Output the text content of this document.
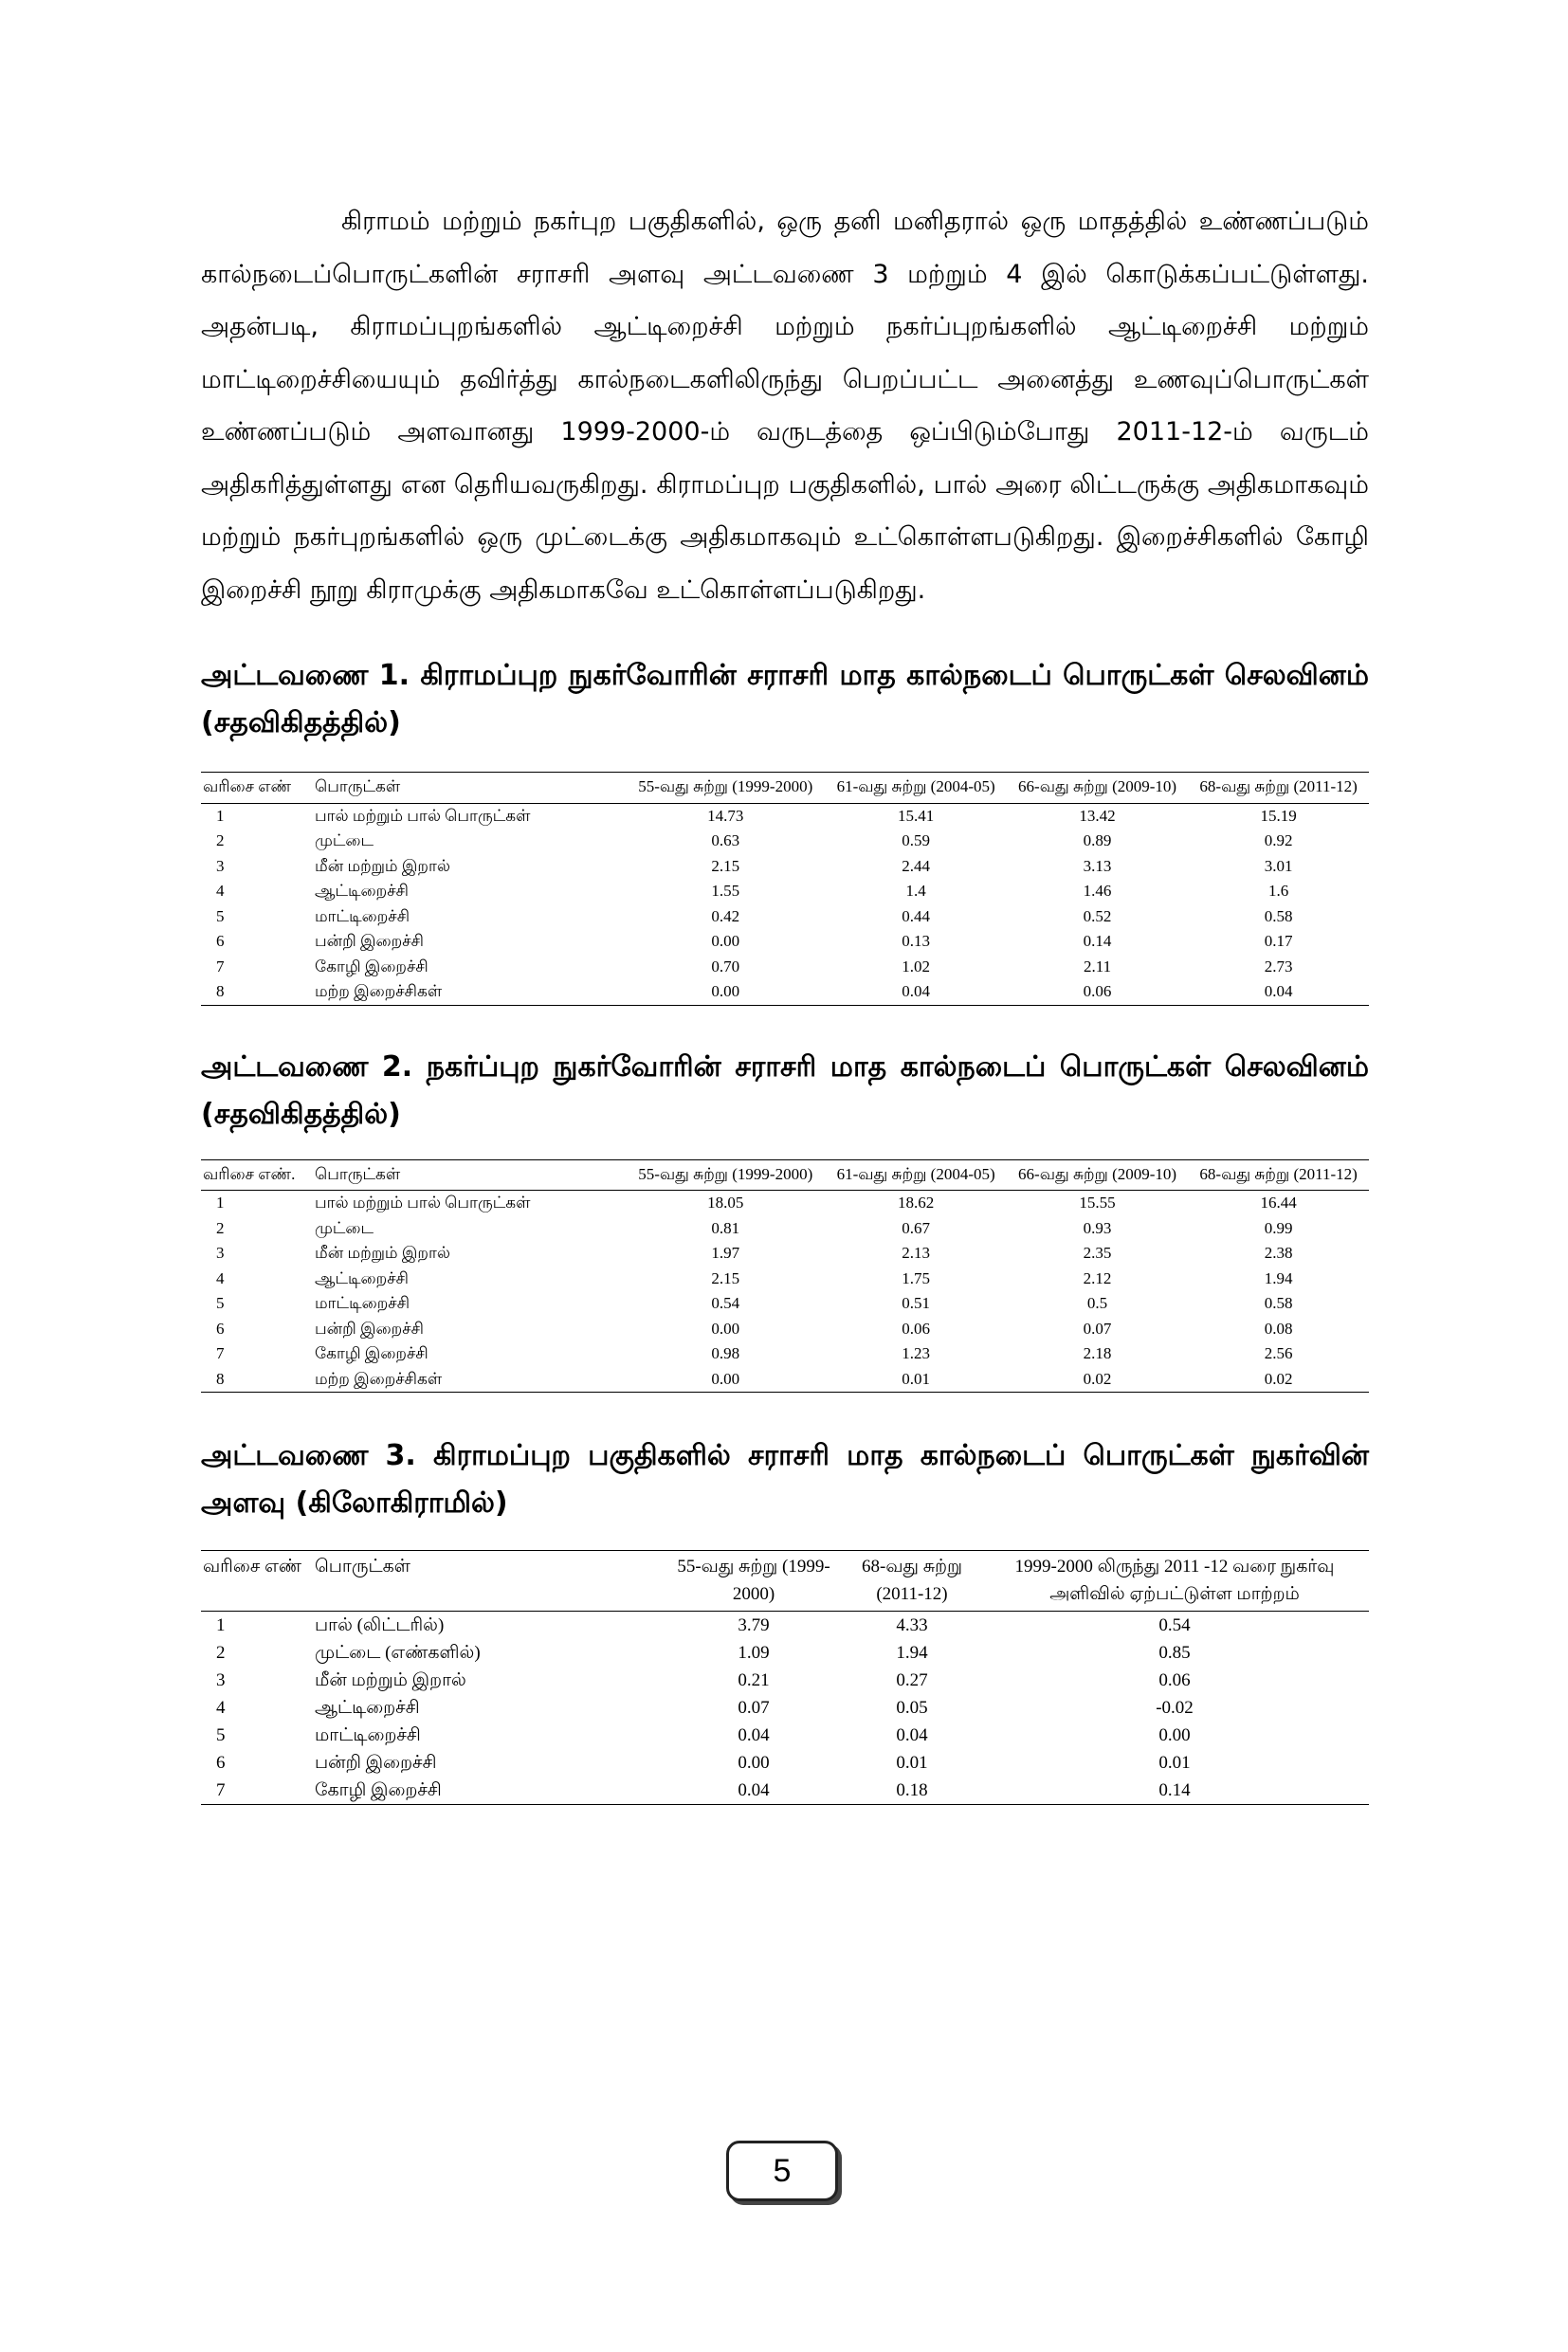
கிராமம் மற்றும் நகர்புற பகுதிகளில், ஒரு தனி மனிதரால் ஒரு மாதத்தில் உண்ணப்படும் கால்நடைப்பொருட்களின் சராசரி அளவு அட்டவணை 3 மற்றும் 4 இல் கொடுக்கப்பட்டுள்ளது. அதன்படி, கிராமப்புறங்களில் ஆட்டிறைச்சி மற்றும் நகர்ப்புறங்களில் ஆட்டிறைச்சி மற்றும் மாட்டிறைச்சியையும் தவிர்த்து கால்நடைகளிலிருந்து பெறப்பட்ட அனைத்து உணவுப்பொருட்கள் உண்ணப்படும் அளவானது 1999-2000-ம் வருடத்தை ஒப்பிடும்போது 2011-12-ம் வருடம் அதிகரித்துள்ளது என தெரியவருகிறது. கிராமப்புற பகுதிகளில், பால் அரை லிட்டருக்கு அதிகமாகவும் மற்றும் நகர்புறங்களில் ஒரு முட்டைக்கு அதிகமாகவும் உட்கொள்ளபடுகிறது. இறைச்சிகளில் கோழி இறைச்சி நூறு கிராமுக்கு அதிகமாகவே உட்கொள்ளப்படுகிறது.

அட்டவணை 1. கிராமப்புற நுகர்வோரின் சராசரி மாத கால்நடைப் பொருட்கள் செலவினம் (சதவிகிதத்தில்)

வரிசை எண்	பொருட்கள்	55-வது சுற்று (1999-2000)	61-வது சுற்று (2004-05)	66-வது சுற்று (2009-10)	68-வது சுற்று (2011-12)
1	பால் மற்றும் பால் பொருட்கள்	14.73	15.41	13.42	15.19
2	முட்டை	0.63	0.59	0.89	0.92
3	மீன் மற்றும் இறால்	2.15	2.44	3.13	3.01
4	ஆட்டிறைச்சி	1.55	1.4	1.46	1.6
5	மாட்டிறைச்சி	0.42	0.44	0.52	0.58
6	பன்றி இறைச்சி	0.00	0.13	0.14	0.17
7	கோழி இறைச்சி	0.70	1.02	2.11	2.73
8	மற்ற இறைச்சிகள்	0.00	0.04	0.06	0.04

அட்டவணை 2. நகர்ப்புற நுகர்வோரின் சராசரி மாத கால்நடைப் பொருட்கள் செலவினம் (சதவிகிதத்தில்)

வரிசை எண்.	பொருட்கள்	55-வது சுற்று (1999-2000)	61-வது சுற்று (2004-05)	66-வது சுற்று (2009-10)	68-வது சுற்று (2011-12)
1	பால் மற்றும் பால் பொருட்கள்	18.05	18.62	15.55	16.44
2	முட்டை	0.81	0.67	0.93	0.99
3	மீன் மற்றும் இறால்	1.97	2.13	2.35	2.38
4	ஆட்டிறைச்சி	2.15	1.75	2.12	1.94
5	மாட்டிறைச்சி	0.54	0.51	0.5	0.58
6	பன்றி இறைச்சி	0.00	0.06	0.07	0.08
7	கோழி இறைச்சி	0.98	1.23	2.18	2.56
8	மற்ற இறைச்சிகள்	0.00	0.01	0.02	0.02

அட்டவணை 3. கிராமப்புற பகுதிகளில் சராசரி மாத கால்நடைப் பொருட்கள் நுகர்வின் அளவு (கிலோகிராமில்)

வரிசை எண்	பொருட்கள்	55-வது சுற்று (1999-2000)	68-வது சுற்று (2011-12)	1999-2000 லிருந்து 2011 -12 வரை நுகர்வு அளிவில் ஏற்பட்டுள்ள மாற்றம்
1	பால் (லிட்டரில்)	3.79	4.33	0.54
2	முட்டை (எண்களில்)	1.09	1.94	0.85
3	மீன் மற்றும் இறால்	0.21	0.27	0.06
4	ஆட்டிறைச்சி	0.07	0.05	-0.02
5	மாட்டிறைச்சி	0.04	0.04	0.00
6	பன்றி இறைச்சி	0.00	0.01	0.01
7	கோழி இறைச்சி	0.04	0.18	0.14
5
